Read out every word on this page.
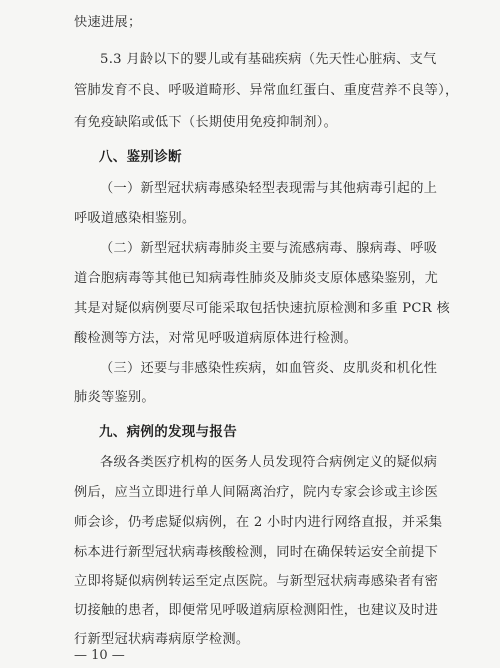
快速进展；
5.3 月龄以下的婴儿或有基础疾病（先天性心脏病、支气
管肺发育不良、呼吸道畸形、异常血红蛋白、重度营养不良等），
有免疫缺陷或低下（长期使用免疫抑制剂）。
八、鉴别诊断
（一）新型冠状病毒感染轻型表现需与其他病毒引起的上
呼吸道感染相鉴别。
（二）新型冠状病毒肺炎主要与流感病毒、腺病毒、呼吸
道合胞病毒等其他已知病毒性肺炎及肺炎支原体感染鉴别，尤
其是对疑似病例要尽可能采取包括快速抗原检测和多重 PCR 核
酸检测等方法，对常见呼吸道病原体进行检测。
（三）还要与非感染性疾病，如血管炎、皮肌炎和机化性
肺炎等鉴别。
九、病例的发现与报告
各级各类医疗机构的医务人员发现符合病例定义的疑似病
例后，应当立即进行单人间隔离治疗，院内专家会诊或主诊医
师会诊，仍考虑疑似病例，在 2 小时内进行网络直报，并采集
标本进行新型冠状病毒核酸检测，同时在确保转运安全前提下
立即将疑似病例转运至定点医院。与新型冠状病毒感染者有密
切接触的患者，即便常见呼吸道病原检测阳性，也建议及时进
行新型冠状病毒病原学检测。
— 10 —
